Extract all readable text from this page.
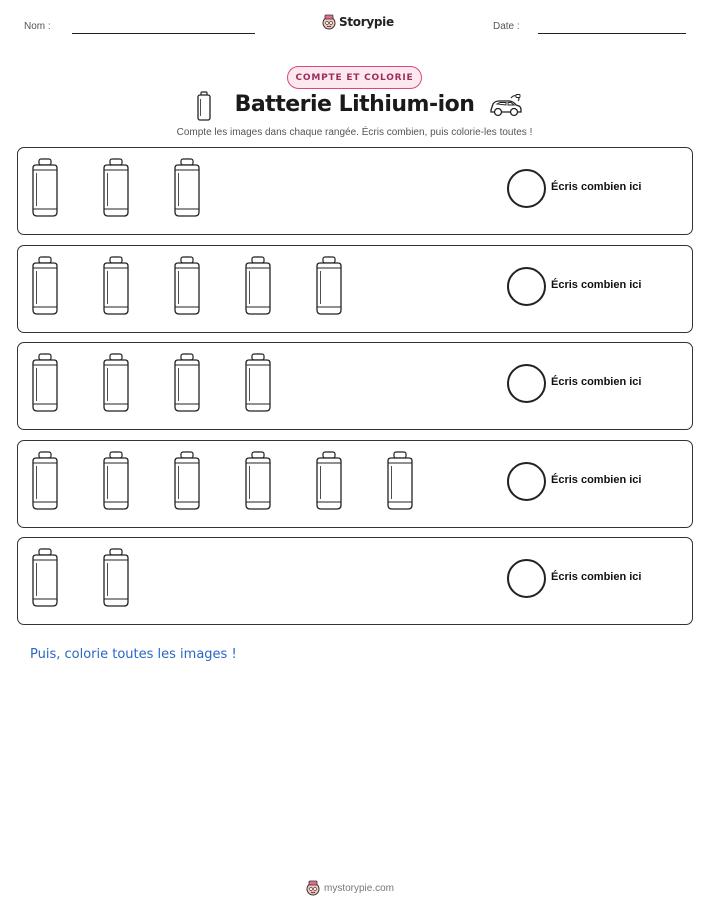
Nom :	Storypie	Date :
COMPTE ET COLORIE
Batterie Lithium-ion
Compte les images dans chaque rangée. Écris combien, puis colorie-les toutes !
Écris combien ici
Écris combien ici
Écris combien ici
Écris combien ici
Écris combien ici
Puis, colorie toutes les images !
mystorypie.com
